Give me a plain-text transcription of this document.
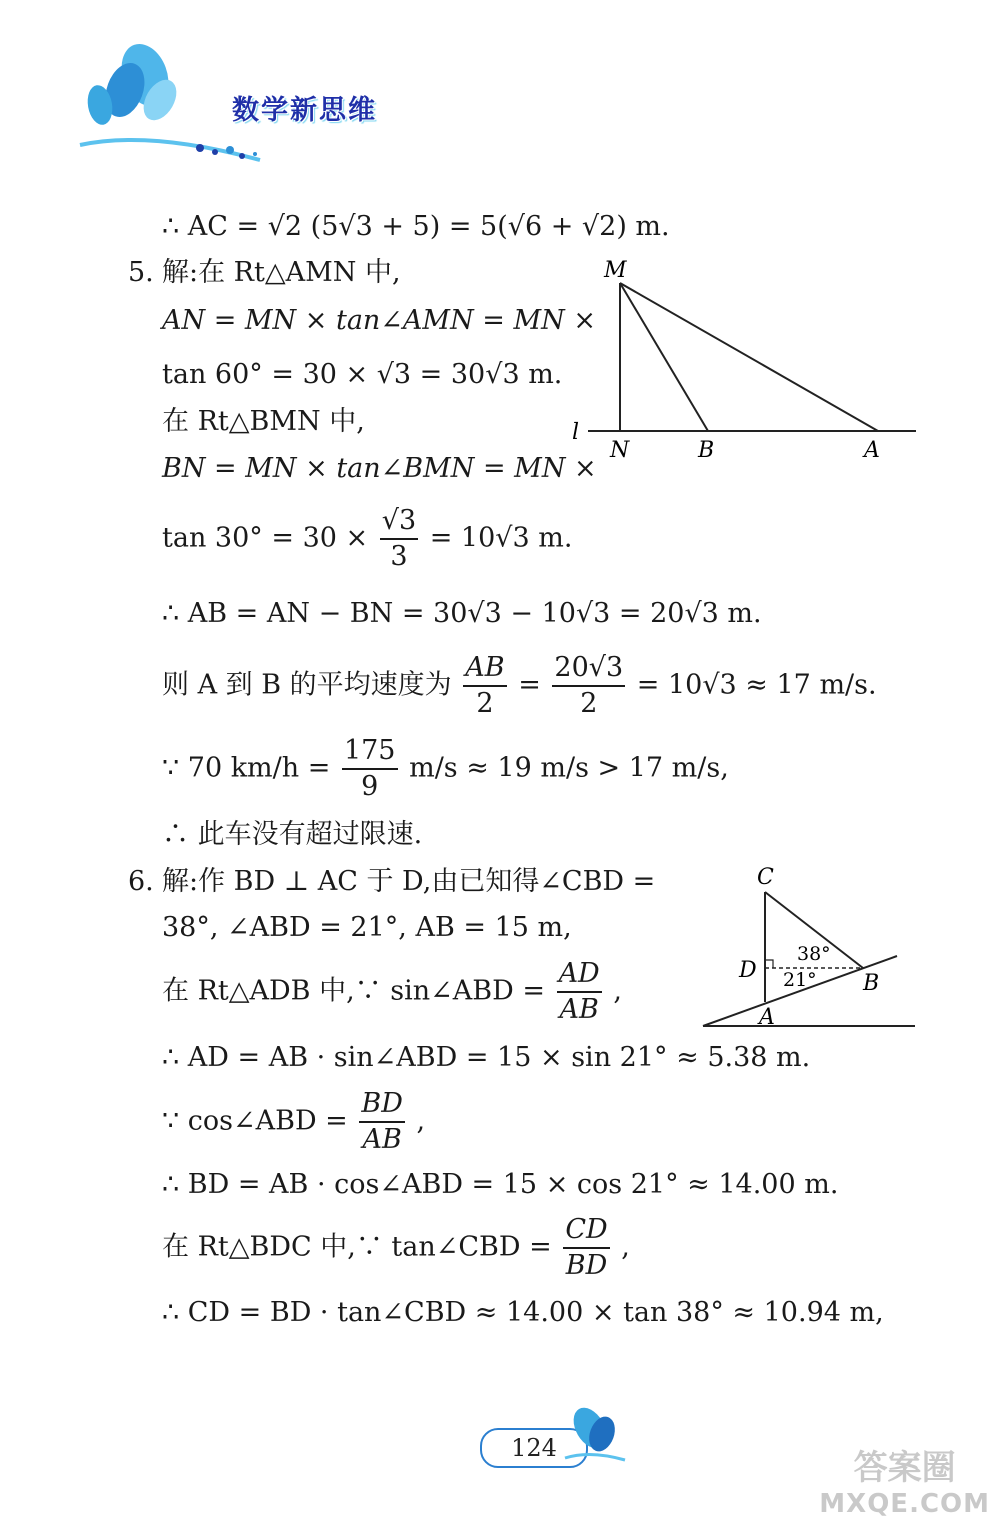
数学新思维
∴ AC = √2 (5√3 + 5) = 5(√6 + √2) m.
5. 解:在 Rt△AMN 中,
AN = MN × tan∠AMN = MN ×
tan 60° = 30 × √3 = 30√3 m.
在 Rt△BMN 中,
BN = MN × tan∠BMN = MN ×
$\tan 30^\circ = 30 \times \frac{√3}{3} = 10√3$ m.
∴ AB = AN − BN = 30√3 − 10√3 = 20√3 m.
则 A 到 B 的平均速度为 $\frac{AB}{2} = \frac{20√3}{2} = 10√3 \approx 17$ m/s.
∵ 70 $km/h = \frac{175}{9} m/s \approx 19$ m/s > 17 m/s,
∴ 此车没有超过限速.
6. 解:作 BD ⊥ AC 于 D,由已知得∠CBD =
38°, ∠ABD = 21°, AB = 15 m,
在 Rt△ADB 中,∵ sin∠ABD = $\frac{AD}{AB}$ ,
∴ AD = AB · sin∠ABD = 15 × sin 21° ≈ 5.38 m.
∵ cos∠ABD = $\frac{BD}{AB}$ ,
∴ BD = AB · cos∠ABD = 15 × cos 21° ≈ 14.00 m.
在 Rt△BDC 中,∵ tan∠CBD = $\frac{CD}{BD}$ ,
∴ CD = BD · tan∠CBD ≈ 14.00 × tan 38° ≈ 10.94 m,
M
l
N	B	A
C
D
B
A
38°
21°
124	答案圈
MXQE.COM
